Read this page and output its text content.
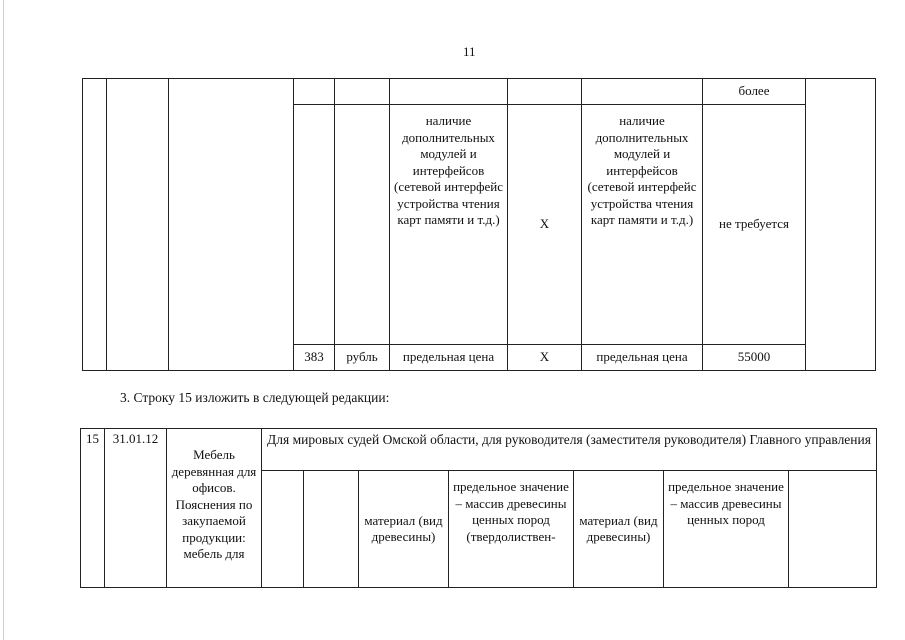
11
								более	
					наличие дополнительных модулей и интерфейсов (сетевой интерфейс устройства чтения карт памяти и т.д.)	X	наличие дополнительных модулей и интерфейсов (сетевой интерфейс устройства чтения карт памяти и т.д.)	не требуется	
			383	рубль	предельная цена	X	предельная цена	55000	
3. Строку 15 изложить в следующей редакции:
15	31.01.12	Мебель деревянная для офисов. Пояснения по закупаемой продукции: мебель для	Для мировых судей Омской области, для руководителя (заместителя руководителя) Главного управления						
					материал (вид древесины)	предельное значение – массив древесины ценных пород (твердолиствен-	материал (вид древесины)	предельное значение – массив древесины ценных пород	
